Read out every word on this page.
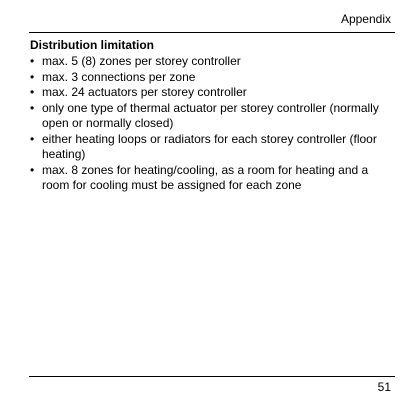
Appendix
Distribution limitation
• max. 5 (8) zones per storey controller
• max. 3 connections per zone
• max. 24 actuators per storey controller
• only one type of thermal actuator per storey controller (normally open or normally closed)
• either heating loops or radiators for each storey controller (floor heating)
• max. 8 zones for heating/cooling, as a room for heating and a room for cooling must be assigned for each zone
51
